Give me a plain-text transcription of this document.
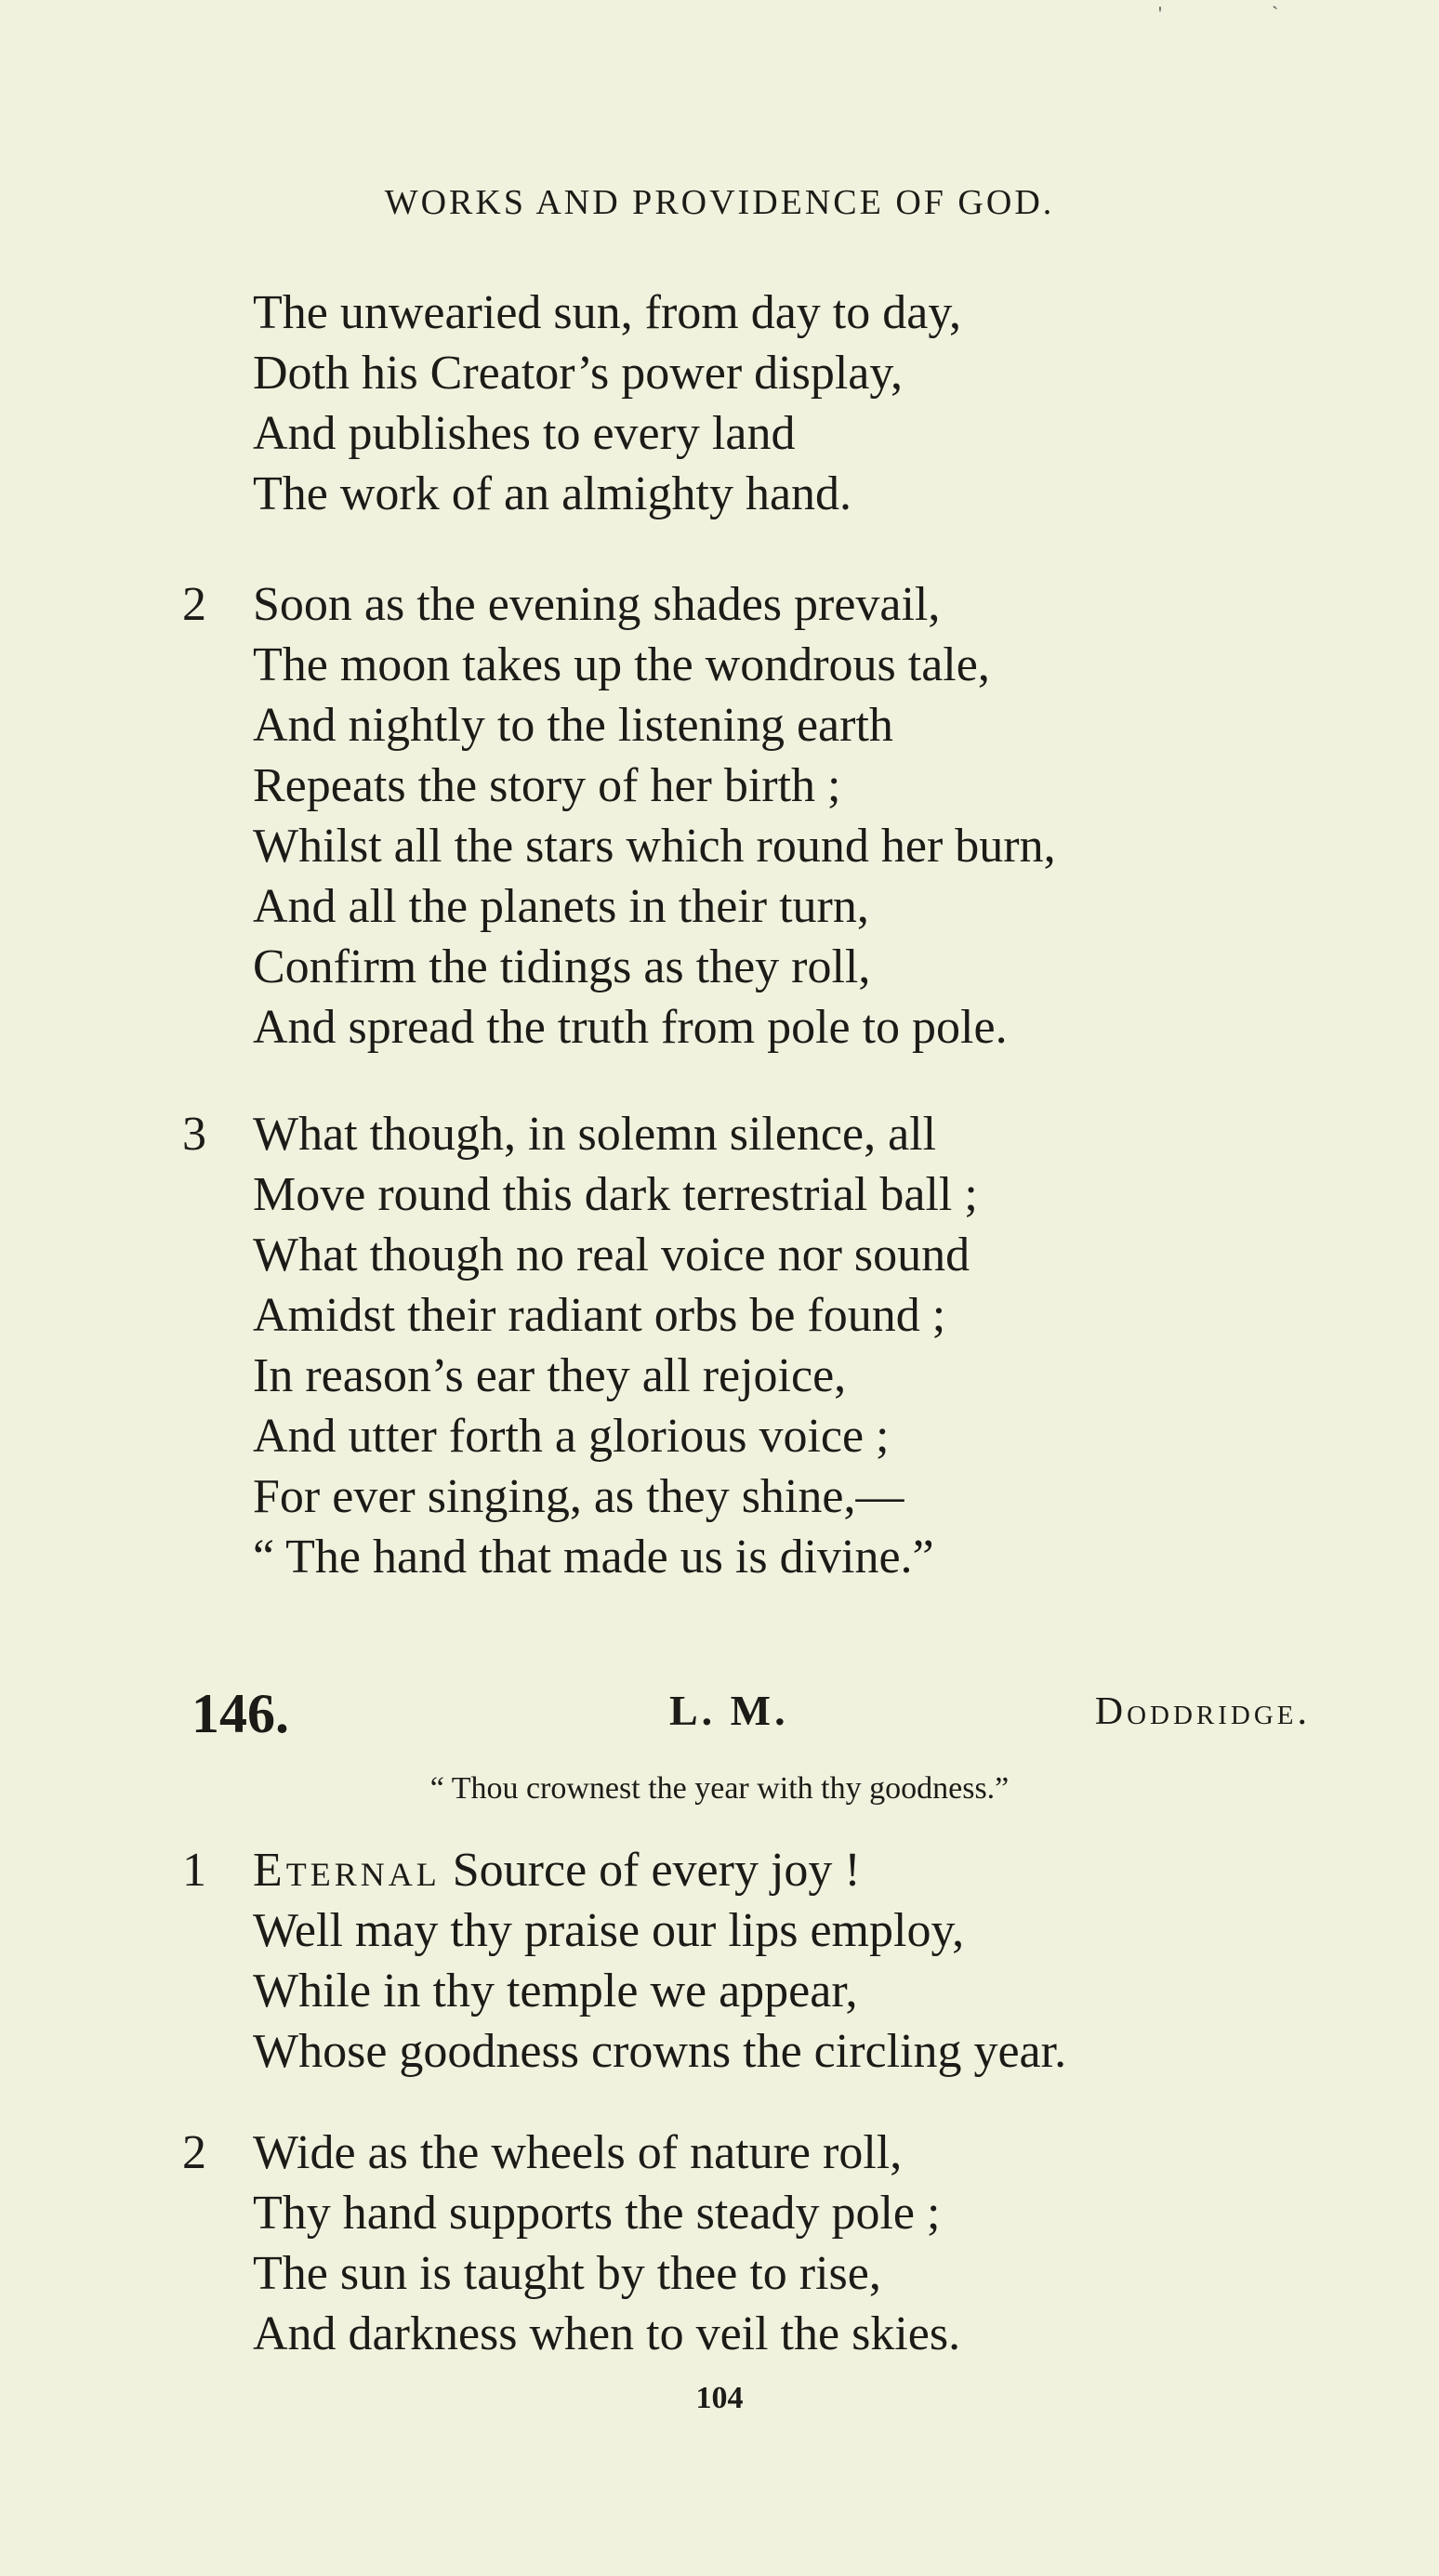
'	`
WORKS AND PROVIDENCE OF GOD.
The unwearied sun, from day to day,
Doth his Creator’s power display,
And publishes to every land
The work of an almighty hand.
2 Soon as the evening shades prevail,
The moon takes up the wondrous tale,
And nightly to the listening earth
Repeats the story of her birth ;
Whilst all the stars which round her burn,
And all the planets in their turn,
Confirm the tidings as they roll,
And spread the truth from pole to pole.
3 What though, in solemn silence, all
Move round this dark terrestrial ball ;
What though no real voice nor sound
Amidst their radiant orbs be found ;
In reason’s ear they all rejoice,
And utter forth a glorious voice ;
For ever singing, as they shine,—
“ The hand that made us is divine.”
146.	L. M.	Doddridge.
“ Thou crownest the year with thy goodness.”
1 Eternal Source of every joy !
Well may thy praise our lips employ,
While in thy temple we appear,
Whose goodness crowns the circling year.
2 Wide as the wheels of nature roll,
Thy hand supports the steady pole ;
The sun is taught by thee to rise,
And darkness when to veil the skies.
104
